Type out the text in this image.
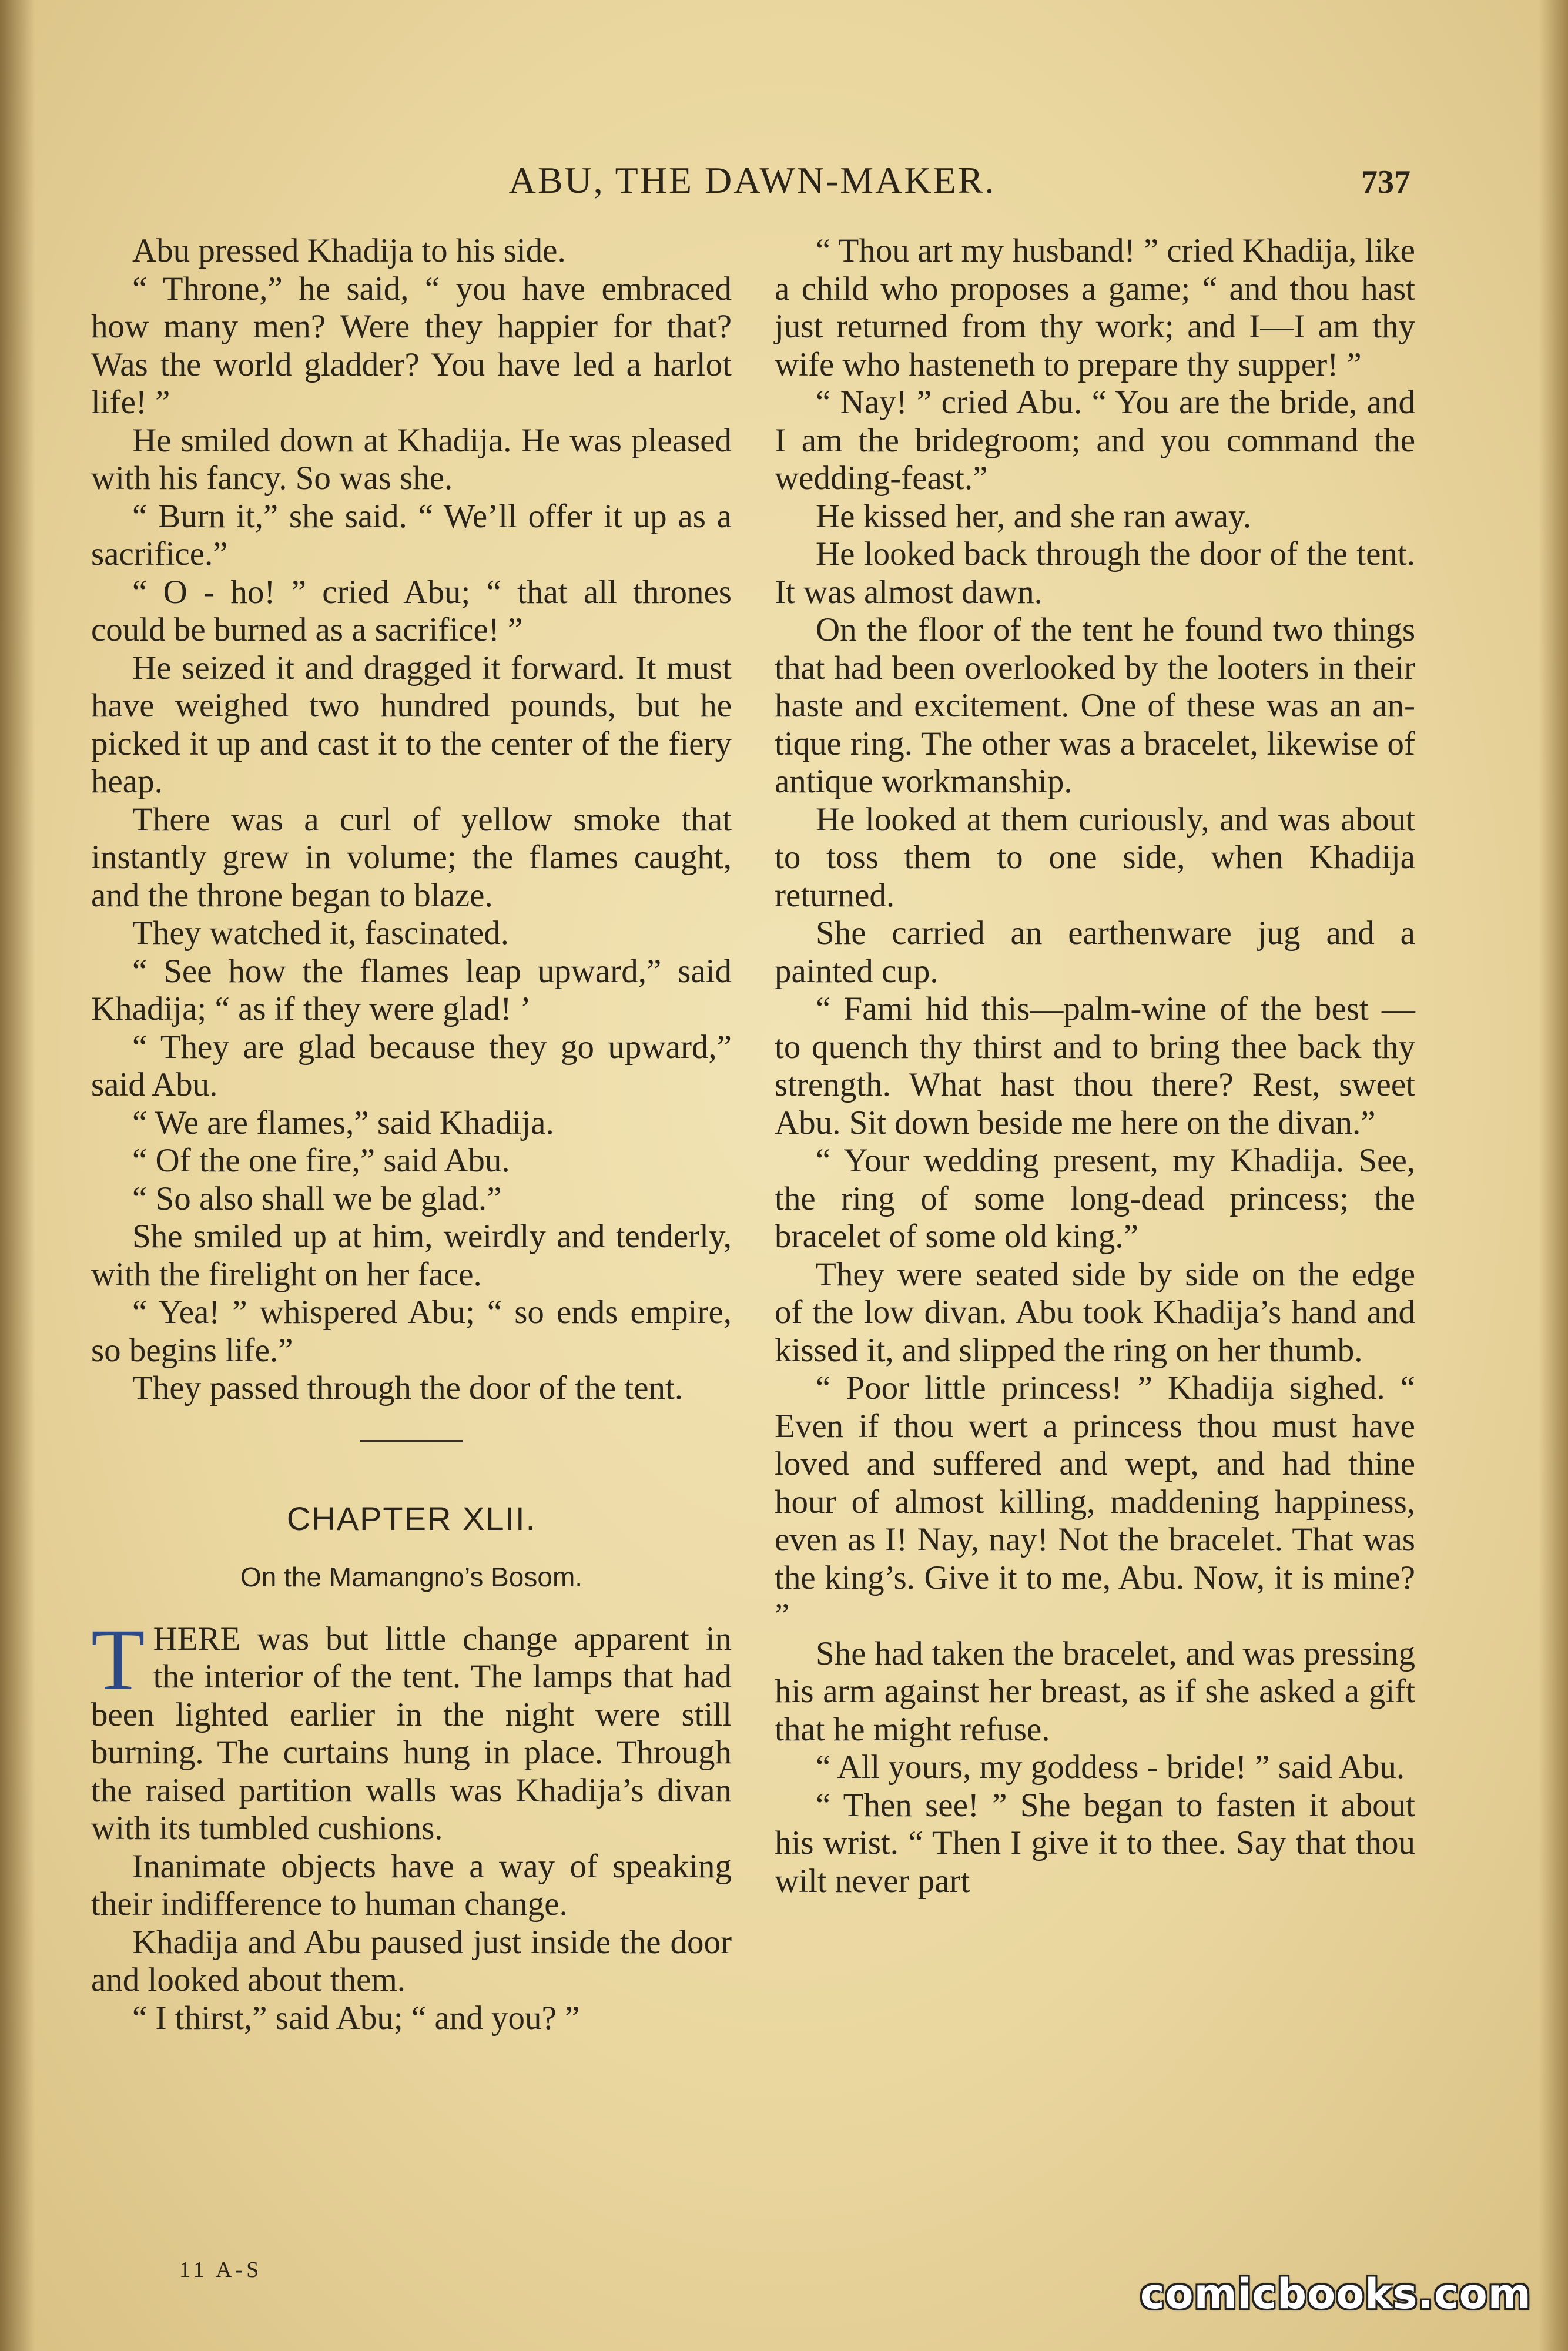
ABU, THE DAWN-MAKER.	737

Abu pressed Khadija to his side.

“ Throne,” he said, “ you have embraced how many men? Were they happier for that? Was the world gladder? You have led a harlot life! ”

He smiled down at Khadija. He was pleased with his fancy. So was she.

“ Burn it,” she said. “ We’ll offer it up as a sacrifice.”

“ O - ho! ” cried Abu; “ that all thrones could be burned as a sacrifice! ”

He seized it and dragged it forward. It must have weighed two hundred pounds, but he picked it up and cast it to the center of the fiery heap.

There was a curl of yellow smoke that instantly grew in volume; the flames caught, and the throne began to blaze.

They watched it, fascinated.

“ See how the flames leap upward,” said Khadija; “ as if they were glad! ’

“ They are glad because they go upward,” said Abu.

“ We are flames,” said Khadija.

“ Of the one fire,” said Abu.

“ So also shall we be glad.”

She smiled up at him, weirdly and tenderly, with the firelight on her face.

“ Yea! ” whispered Abu; “ so ends empire, so begins life.”

They passed through the door of the tent.

CHAPTER XLII.
On the Mamangno’s Bosom.
T HERE was but little change apparent in the interior of the tent. The lamps that had been lighted earlier in the night were still burning. The curtains hung in place. Through the raised partition walls was Khadija’s divan with its tumbled cushions.

Inanimate objects have a way of speaking their indifference to human change.

Khadija and Abu paused just inside the door and looked about them.

“ I thirst,” said Abu; “ and you? ”

“ Thou art my husband! ” cried Khadija, like a child who proposes a game; “ and thou hast just returned from thy work; and I—I am thy wife who hasteneth to prepare thy supper! ”

“ Nay! ” cried Abu. “ You are the bride, and I am the bridegroom; and you command the wedding-feast.”

He kissed her, and she ran away.

He looked back through the door of the tent. It was almost dawn.

On the floor of the tent he found two things that had been overlooked by the looters in their haste and excitement. One of these was an antique ring. The other was a bracelet, likewise of antique workmanship.

He looked at them curiously, and was about to toss them to one side, when Khadija returned.

She carried an earthenware jug and a painted cup.

“ Fami hid this—palm-wine of the best — to quench thy thirst and to bring thee back thy strength. What hast thou there? Rest, sweet Abu. Sit down beside me here on the divan.”

“ Your wedding present, my Khadija. See, the ring of some long-dead princess; the bracelet of some old king.”

They were seated side by side on the edge of the low divan. Abu took Khadija’s hand and kissed it, and slipped the ring on her thumb.

“ Poor little princess! ” Khadija sighed. “ Even if thou wert a princess thou must have loved and suffered and wept, and had thine hour of almost killing, maddening happiness, even as I! Nay, nay! Not the bracelet. That was the king’s. Give it to me, Abu. Now, it is mine? ”

She had taken the bracelet, and was pressing his arm against her breast, as if she asked a gift that he might refuse.

“ All yours, my goddess - bride! ” said Abu.

“ Then see! ” She began to fasten it about his wrist. “ Then I give it to thee. Say that thou wilt never part

11 A-S	comicbooks.com
